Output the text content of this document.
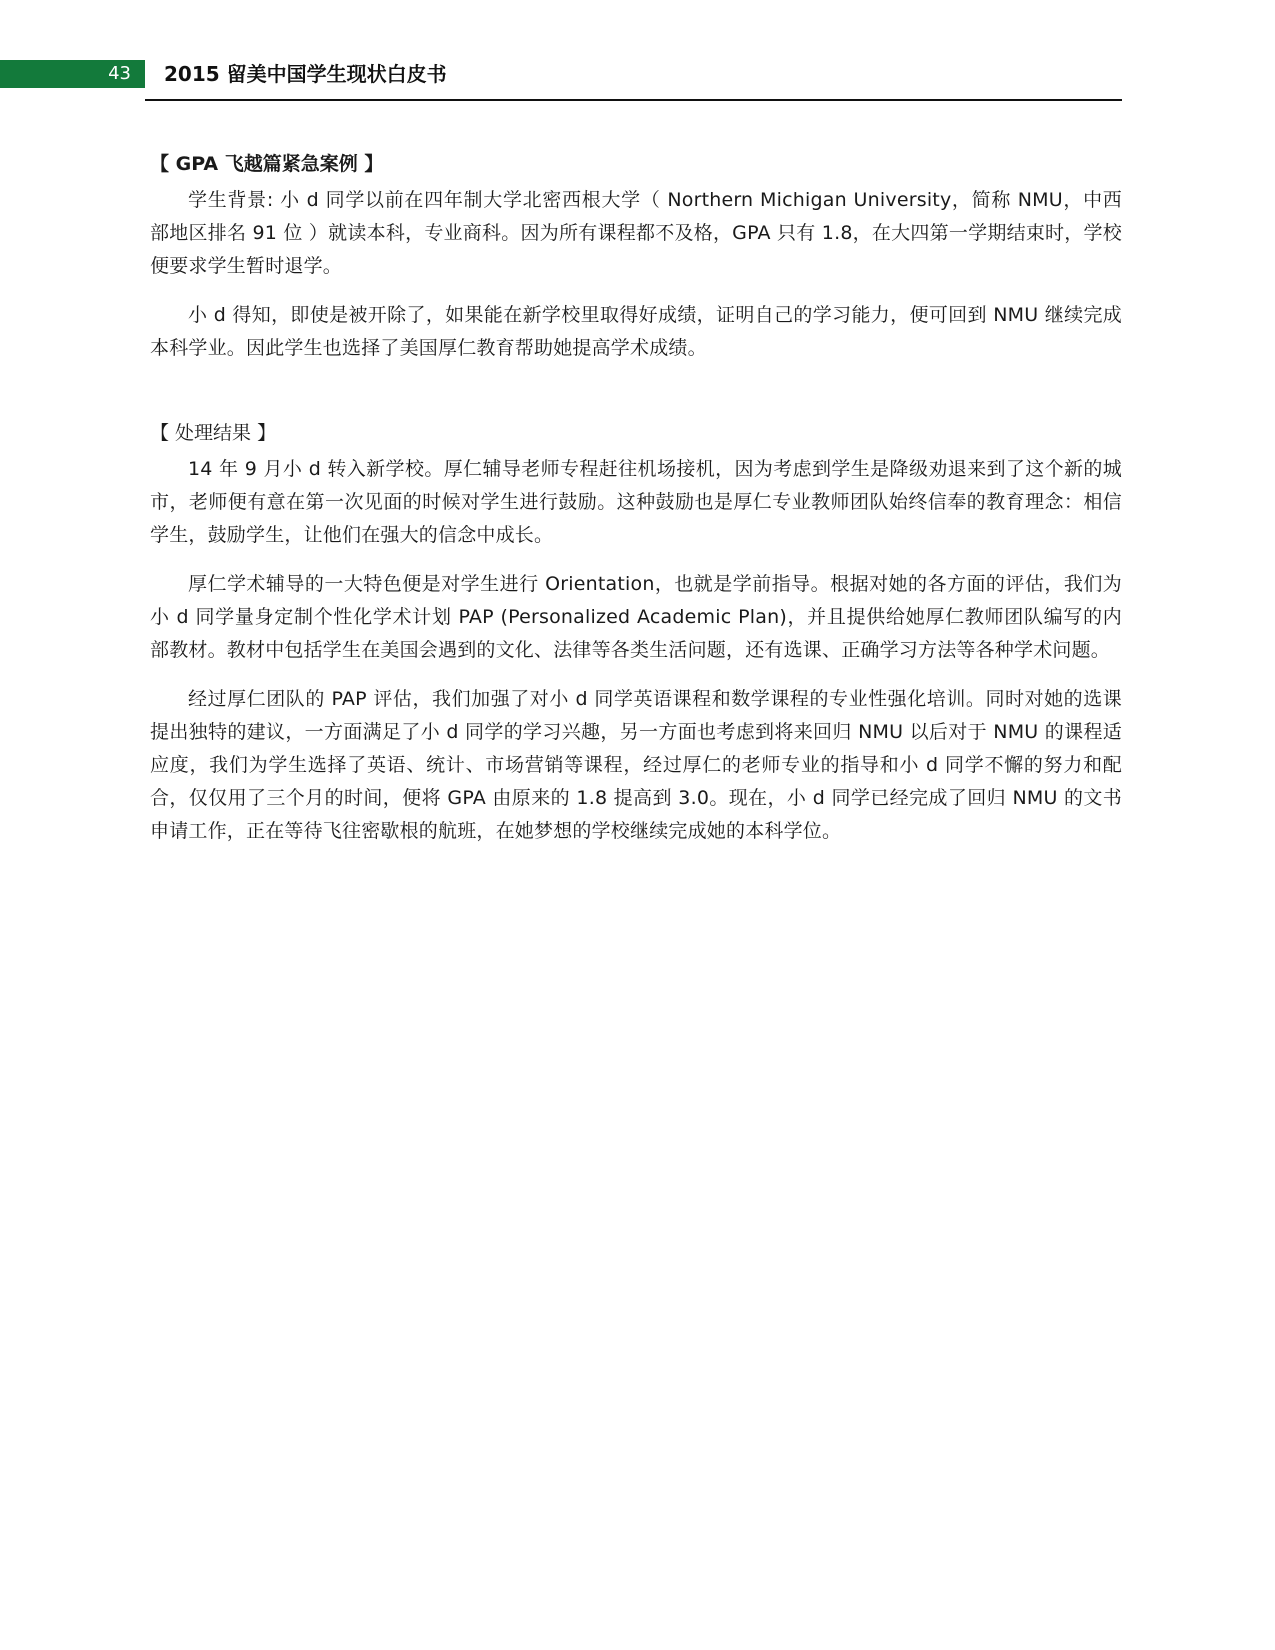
43 2015 留美中国学生现状白皮书
【 GPA 飞越篇紧急案例 】

学生背景: 小 d 同学以前在四年制大学北密西根大学（ Northern Michigan University，简称 NMU，中西部地区排名 91 位 ）就读本科，专业商科。因为所有课程都不及格，GPA 只有 1.8，在大四第一学期结束时，学校便要求学生暂时退学。

小 d 得知，即使是被开除了，如果能在新学校里取得好成绩，证明自己的学习能力，便可回到 NMU 继续完成本科学业。因此学生也选择了美国厚仁教育帮助她提高学术成绩。

【 处理结果 】

14 年 9 月小 d 转入新学校。厚仁辅导老师专程赶往机场接机，因为考虑到学生是降级劝退来到了这个新的城市，老师便有意在第一次见面的时候对学生进行鼓励。这种鼓励也是厚仁专业教师团队始终信奉的教育理念：相信学生，鼓励学生，让他们在强大的信念中成长。

厚仁学术辅导的一大特色便是对学生进行 Orientation，也就是学前指导。根据对她的各方面的评估，我们为小 d 同学量身定制个性化学术计划 PAP (Personalized Academic Plan)，并且提供给她厚仁教师团队编写的内部教材。教材中包括学生在美国会遇到的文化、法律等各类生活问题，还有选课、正确学习方法等各种学术问题。

经过厚仁团队的 PAP 评估，我们加强了对小 d 同学英语课程和数学课程的专业性强化培训。同时对她的选课提出独特的建议，一方面满足了小 d 同学的学习兴趣，另一方面也考虑到将来回归 NMU 以后对于 NMU 的课程适应度，我们为学生选择了英语、统计、市场营销等课程，经过厚仁的老师专业的指导和小 d 同学不懈的努力和配合，仅仅用了三个月的时间，便将 GPA 由原来的 1.8 提高到 3.0。现在，小 d 同学已经完成了回归 NMU 的文书申请工作，正在等待飞往密歇根的航班，在她梦想的学校继续完成她的本科学位。
